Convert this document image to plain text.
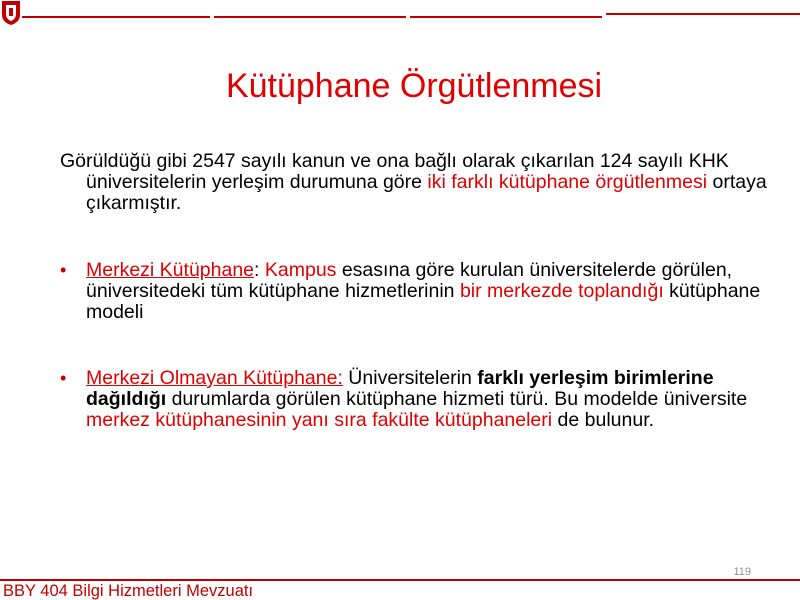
Kütüphane Örgütlenmesi
Görüldüğü gibi 2547 sayılı kanun ve ona bağlı olarak çıkarılan 124 sayılı KHK üniversitelerin yerleşim durumuna göre iki farklı kütüphane örgütlenmesi ortaya çıkarmıştır.
•	Merkezi Kütüphane: Kampus esasına göre kurulan üniversitelerde görülen, üniversitedeki tüm kütüphane hizmetlerinin bir merkezde toplandığı kütüphane modeli
•	Merkezi Olmayan Kütüphane: Üniversitelerin farklı yerleşim birimlerine dağıldığı durumlarda görülen kütüphane hizmeti türü. Bu modelde üniversite merkez kütüphanesinin yanı sıra fakülte kütüphaneleri de bulunur.
119
BBY 404 Bilgi Hizmetleri Mevzuatı
